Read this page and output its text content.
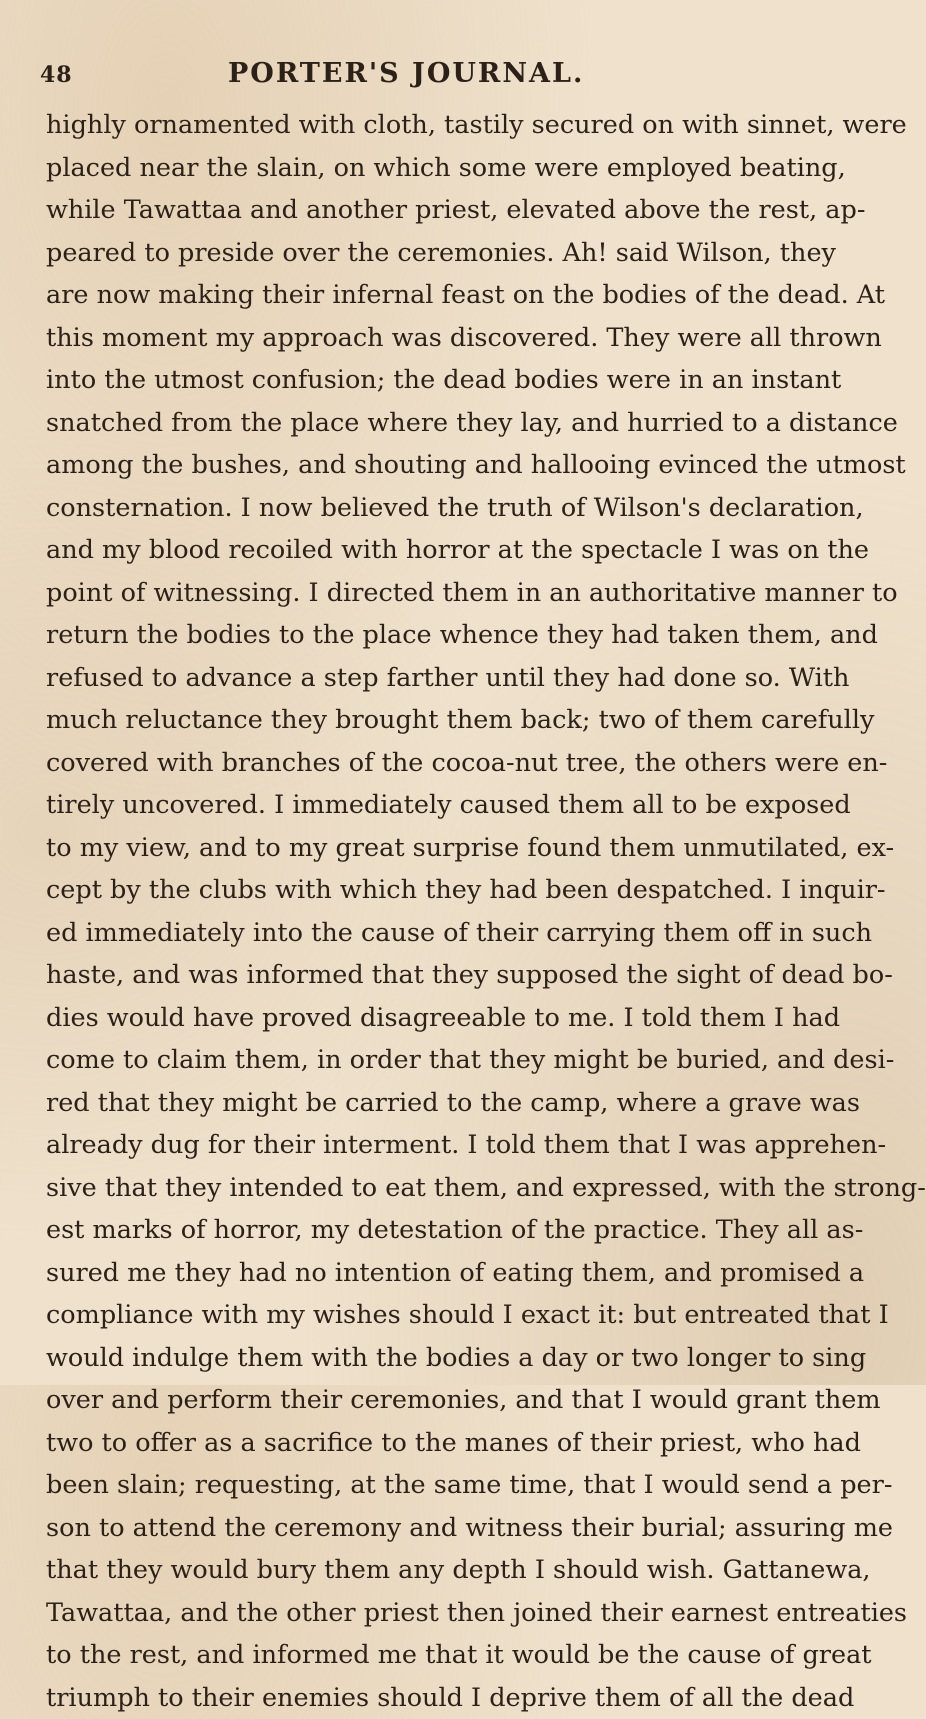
48	PORTER'S JOURNAL.
highly ornamented with cloth, tastily secured on with sinnet, were
placed near the slain, on which some were employed beating,
while Tawattaa and another priest, elevated above the rest, ap-
peared to preside over the ceremonies. Ah! said Wilson, they
are now making their infernal feast on the bodies of the dead. At
this moment my approach was discovered. They were all thrown
into the utmost confusion; the dead bodies were in an instant
snatched from the place where they lay, and hurried to a distance
among the bushes, and shouting and hallooing evinced the utmost
consternation. I now believed the truth of Wilson's declaration,
and my blood recoiled with horror at the spectacle I was on the
point of witnessing. I directed them in an authoritative manner to
return the bodies to the place whence they had taken them, and
refused to advance a step farther until they had done so. With
much reluctance they brought them back; two of them carefully
covered with branches of the cocoa-nut tree, the others were en-
tirely uncovered. I immediately caused them all to be exposed
to my view, and to my great surprise found them unmutilated, ex-
cept by the clubs with which they had been despatched. I inquir-
ed immediately into the cause of their carrying them off in such
haste, and was informed that they supposed the sight of dead bo-
dies would have proved disagreeable to me. I told them I had
come to claim them, in order that they might be buried, and desi-
red that they might be carried to the camp, where a grave was
already dug for their interment. I told them that I was apprehen-
sive that they intended to eat them, and expressed, with the strong-
est marks of horror, my detestation of the practice. They all as-
sured me they had no intention of eating them, and promised a
compliance with my wishes should I exact it: but entreated that I
would indulge them with the bodies a day or two longer to sing
over and perform their ceremonies, and that I would grant them
two to offer as a sacrifice to the manes of their priest, who had
been slain; requesting, at the same time, that I would send a per-
son to attend the ceremony and witness their burial; assuring me
that they would bury them any depth I should wish. Gattanewa,
Tawattaa, and the other priest then joined their earnest entreaties
to the rest, and informed me that it would be the cause of great
triumph to their enemies should I deprive them of all the dead
